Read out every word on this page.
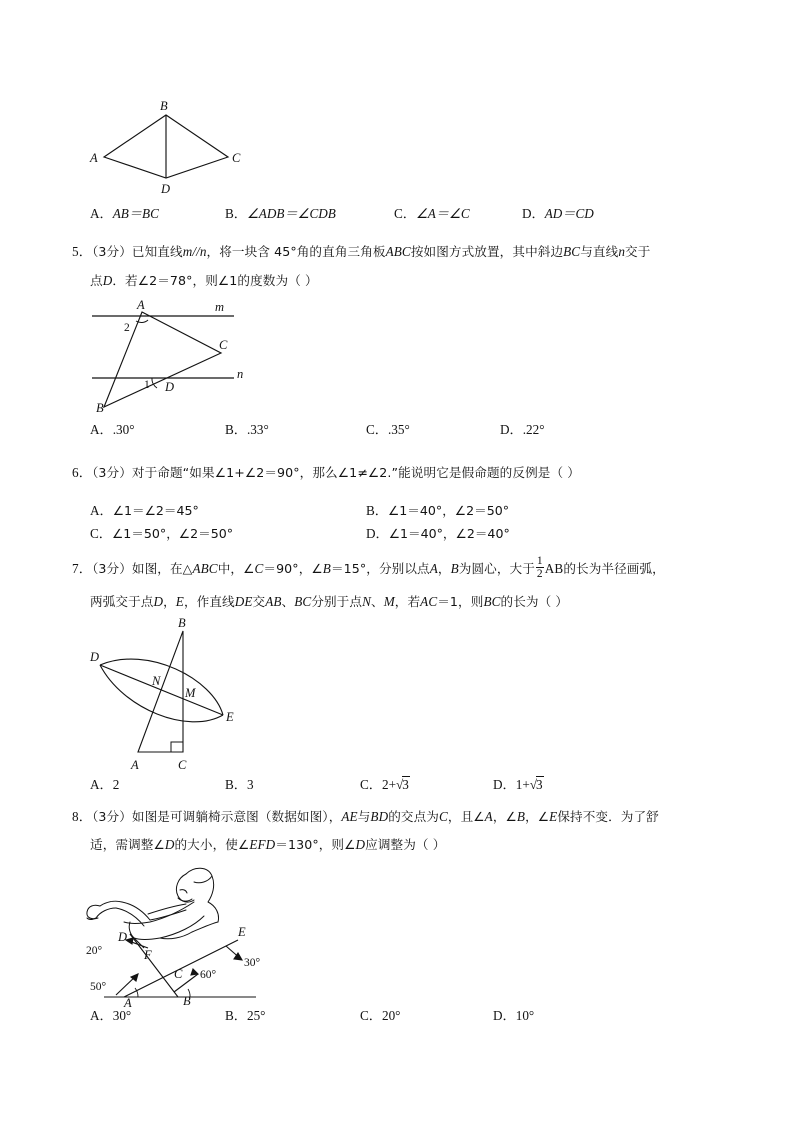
A
B
C
D
A．AB＝BC	B．∠ADB＝∠CDB	C．∠A＝∠C	D．AD＝CD
5．（3分）已知直线m//n，将一块含 45°角的直角三角板ABC按如图方式放置，其中斜边BC与直线n交于
点D．若∠2＝78°，则∠1的度数为（ ）
A
C
B
D
m
n
2
1
A．.30°	B．.33°	C．.35°	D．.22°
6．（3分）对于命题“如果∠1+∠2＝90°，那么∠1≠∠2.”能说明它是假命题的反例是（ ）
A．∠1＝∠2＝45°	B．∠1＝40°，∠2＝50°
C．∠1＝50°，∠2＝50°	D．∠1＝40°，∠2＝40°
7．（3分）如图，在△ABC中，∠C＝90°，∠B＝15°，分别以点A，B为圆心，大于 $\frac{1}{2}$ AB的长为半径画弧，
两弧交于点D，E，作直线DE交AB、BC分别于点N、M，若AC＝1，则BC的长为（ ）
B
D
N
M
E
A	C
A．2	B．3	C．2+√3	D．1+√3
8．（3分）如图是可调躺椅示意图（数据如图），AE与BD的交点为C，且∠A，∠B，∠E保持不变．为了舒
适，需调整∠D的大小，使∠EFD＝130°，则∠D应调整为（ ）
D
F
E
C
A	B
20°
30°
50°
60°
A．30°	B．25°	C．20°	D．10°
